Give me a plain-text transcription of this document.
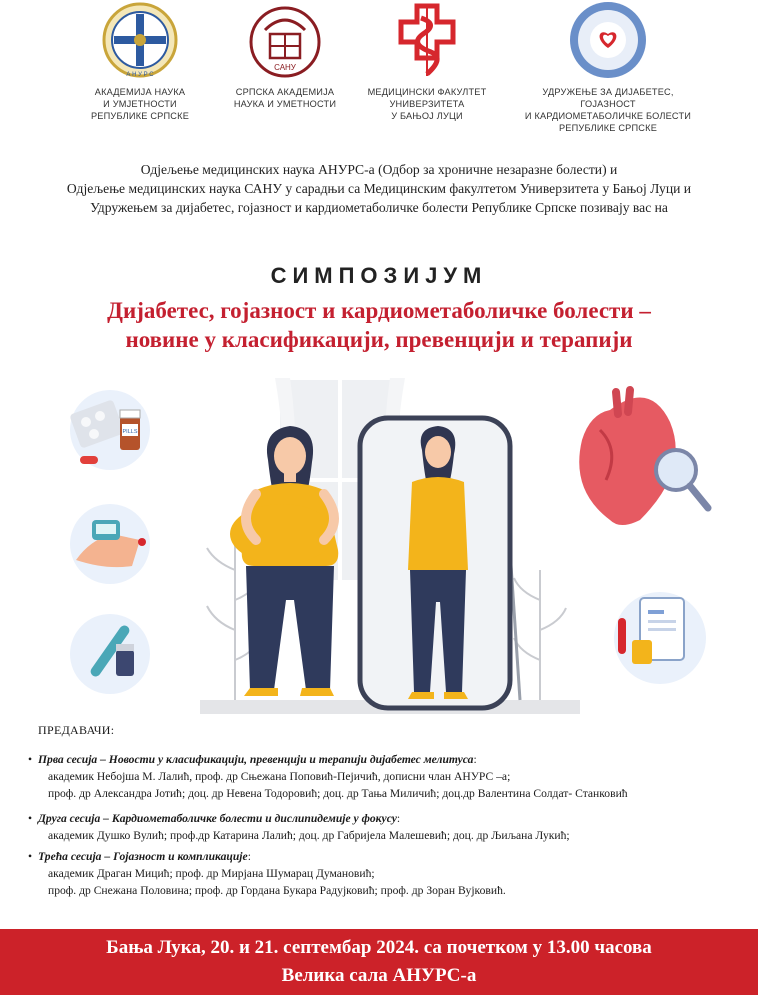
А Н У Р С
АКАДЕМИЈА НАУКА
И УМЈЕТНОСТИ
РЕПУБЛИКЕ СРПСКЕ
САНУ
СРПСКА АКАДЕМИЈА
НАУКА И УМЕТНОСТИ
МЕДИЦИНСКИ ФАКУЛТЕТ
УНИВЕРЗИТЕТА
У БАЊОЈ ЛУЦИ
УДРУЖЕЊЕ ЗА ДИЈАБЕТЕС, ГОЈАЗНОСТ
И КАРДИОМЕТАБОЛИЧКЕ БОЛЕСТИ
РЕПУБЛИКЕ СРПСКЕ
Одјељење медицинских наука АНУРС-а (Одбор за хроничне незаразне болести) и
Одјељење медицинских наука САНУ у сарадњи са Медицинским факултетом Универзитета у Бањој Луци и
Удружењем за дијабетес, гојазност и кардиометаболичке болести Републике Српске позивају вас на
СИМПОЗИЈУМ
Дијабетес, гојазност и кардиометаболичке болести –
новине у класификацији, превенцији и терапији
PILLS
ПРЕДАВАЧИ:
• Прва сесија – Новости у класификацији, превенцији и терапији дијабетес мелитуса:
академик Небојша М. Лалић, проф. др Сњежана Поповић-Пејичић, дописни члан АНУРС –а;
проф. др Александра Јотић; доц. др Невена Тодоровић; доц. др Тања Миличић; доц.др Валентина Солдат- Станковић
• Друга сесија – Кардиометаболичке болести и дислипидемије у фокусу:
академик Душко Вулић; проф.др Катарина Лалић; доц. др Габријела Малешевић; доц. др Љиљана Лукић;
• Трећа сесија – Гојазност и компликације:
академик Драган Мицић; проф. др Мирјана Шумарац Думановић;
проф. др Снежана Половина; проф. др Гордана Букара Радујковић; проф. др Зоран Вујковић.
Бања Лука, 20. и 21. септембар 2024. са почетком у 13.00 часова
Велика сала АНУРС-а
